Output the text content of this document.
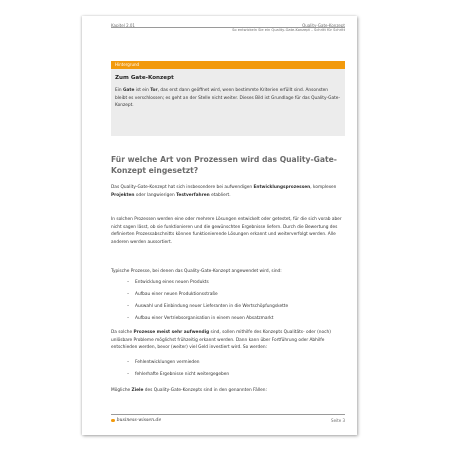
Kapitel 2.01	Quality-Gate-Konzept
So entwickeln Sie ein Quality-Gate-Konzept – Schritt für Schritt
Hintergrund
Zum Gate-Konzept
Ein Gate ist ein Tor, das erst dann geöffnet wird, wenn bestimmte Kriterien erfüllt sind. Ansonsten bleibt es verschlossen; es geht an der Stelle nicht weiter. Dieses Bild ist Grundlage für das Quality-Gate-Konzept.
Für welche Art von Prozessen wird das Quality-Gate-Konzept eingesetzt?

Das Quality-Gate-Konzept hat sich insbesondere bei aufwendigen Entwicklungsprozessen, komplexen Projekten oder langwierigen Testverfahren etabliert.

In solchen Prozessen werden eine oder mehrere Lösungen entwickelt oder getestet, für die sich vorab aber nicht sagen lässt, ob sie funktionieren und die gewünschten Ergebnisse liefern. Durch die Bewertung des definierten Prozessabschnitts können funktionierende Lösungen erkannt und weiterverfolgt werden. Alle anderen werden aussortiert.

Typische Prozesse, bei denen das Quality-Gate-Konzept angewendet wird, sind:

– Entwicklung eines neuen Produkts
– Aufbau einer neuen Produktionsstraße
– Auswahl und Einbindung neuer Lieferanten in die Wertschöpfungskette
– Aufbau einer Vertriebsorganisation in einem neuen Absatzmarkt

Da solche Prozesse meist sehr aufwendig sind, sollen mithilfe des Konzepts Qualitäts- oder (noch) unlösbare Probleme möglichst frühzeitig erkannt werden. Dann kann über Fortführung oder Abhilfe entschieden werden, bevor (weiter) viel Geld investiert wird. So werden:

– Fehlentwicklungen vermieden
– fehlerhafte Ergebnisse nicht weitergegeben

Mögliche Ziele des Quality-Gate-Konzepts sind in den genannten Fällen:

business-wissen.de	Seite 3
